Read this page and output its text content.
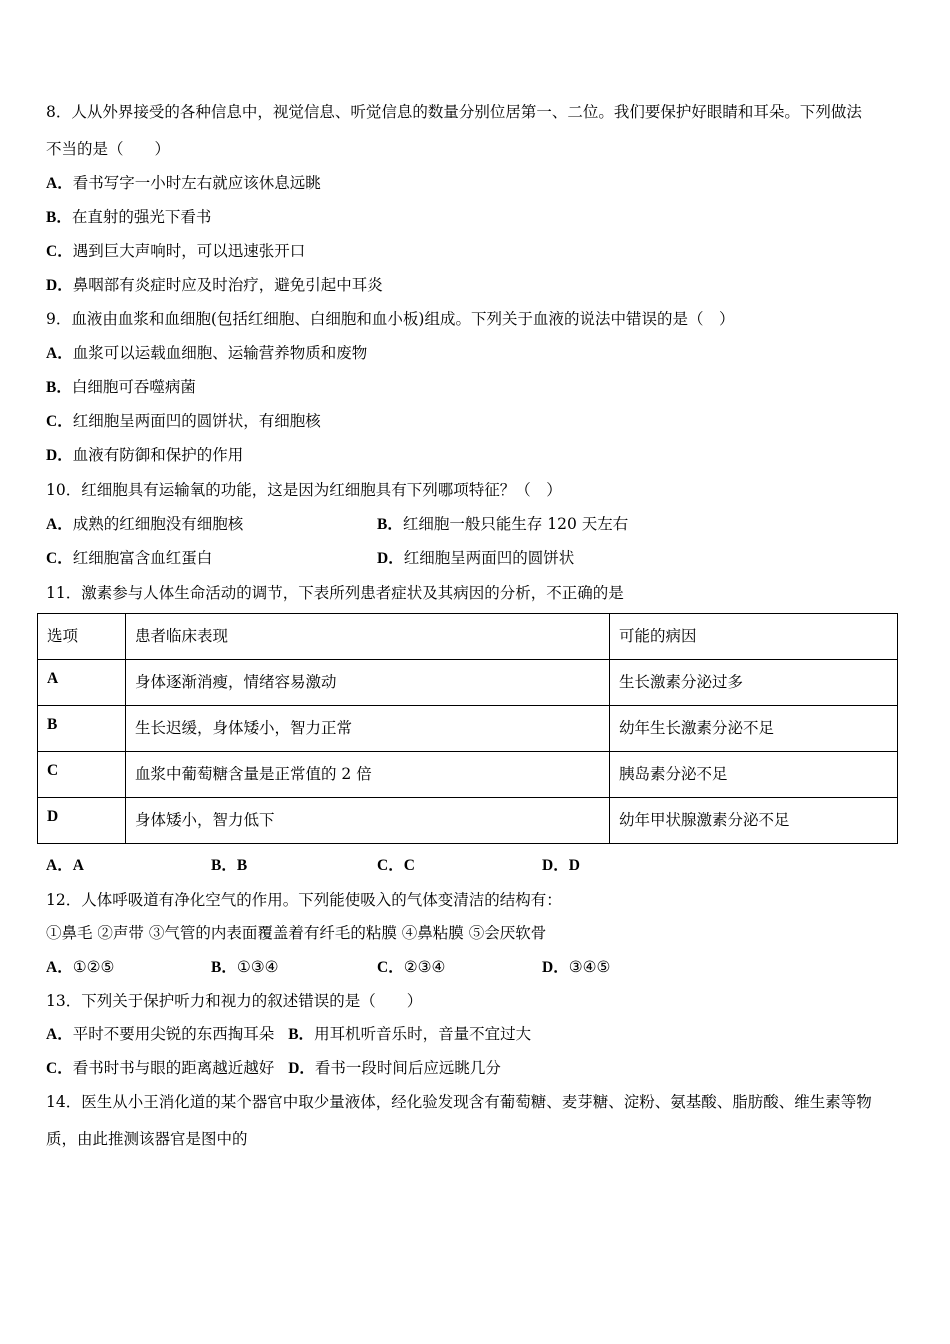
8．人从外界接受的各种信息中，视觉信息、听觉信息的数量分别位居第一、二位。我们要保护好眼睛和耳朵。下列做法
不当的是（　　）
A．看书写字一小时左右就应该休息远眺
B．在直射的强光下看书
C．遇到巨大声响时，可以迅速张开口
D．鼻咽部有炎症时应及时治疗，避免引起中耳炎
9．血液由血浆和血细胞(包括红细胞、白细胞和血小板)组成。下列关于血液的说法中错误的是（　）
A．血浆可以运载血细胞、运输营养物质和废物
B．白细胞可吞噬病菌
C．红细胞呈两面凹的圆饼状，有细胞核
D．血液有防御和保护的作用
10．红细胞具有运输氧的功能，这是因为红细胞具有下列哪项特征？（　）
A．成熟的红细胞没有细胞核	B．红细胞一般只能生存 120 天左右
C．红细胞富含血红蛋白	D．红细胞呈两面凹的圆饼状
11．激素参与人体生命活动的调节，下表所列患者症状及其病因的分析，不正确的是
选项	患者临床表现	可能的病因
A	身体逐渐消瘦，情绪容易激动	生长激素分泌过多
B	生长迟缓，身体矮小，智力正常	幼年生长激素分泌不足
C	血浆中葡萄糖含量是正常值的 2 倍	胰岛素分泌不足
D	身体矮小，智力低下	幼年甲状腺激素分泌不足
A．A	B．B	C．C	D．D
12．人体呼吸道有净化空气的作用。下列能使吸入的气体变清洁的结构有：
①鼻毛 ②声带 ③气管的内表面覆盖着有纤毛的粘膜 ④鼻粘膜 ⑤会厌软骨
A．①②⑤	B．①③④	C．②③④	D．③④⑤
13．下列关于保护听力和视力的叙述错误的是（　　）
A．平时不要用尖锐的东西掏耳朵 B．用耳机听音乐时，音量不宜过大
C．看书时书与眼的距离越近越好 D．看书一段时间后应远眺几分
14．医生从小王消化道的某个器官中取少量液体，经化验发现含有葡萄糖、麦芽糖、淀粉、氨基酸、脂肪酸、维生素等物
质，由此推测该器官是图中的
